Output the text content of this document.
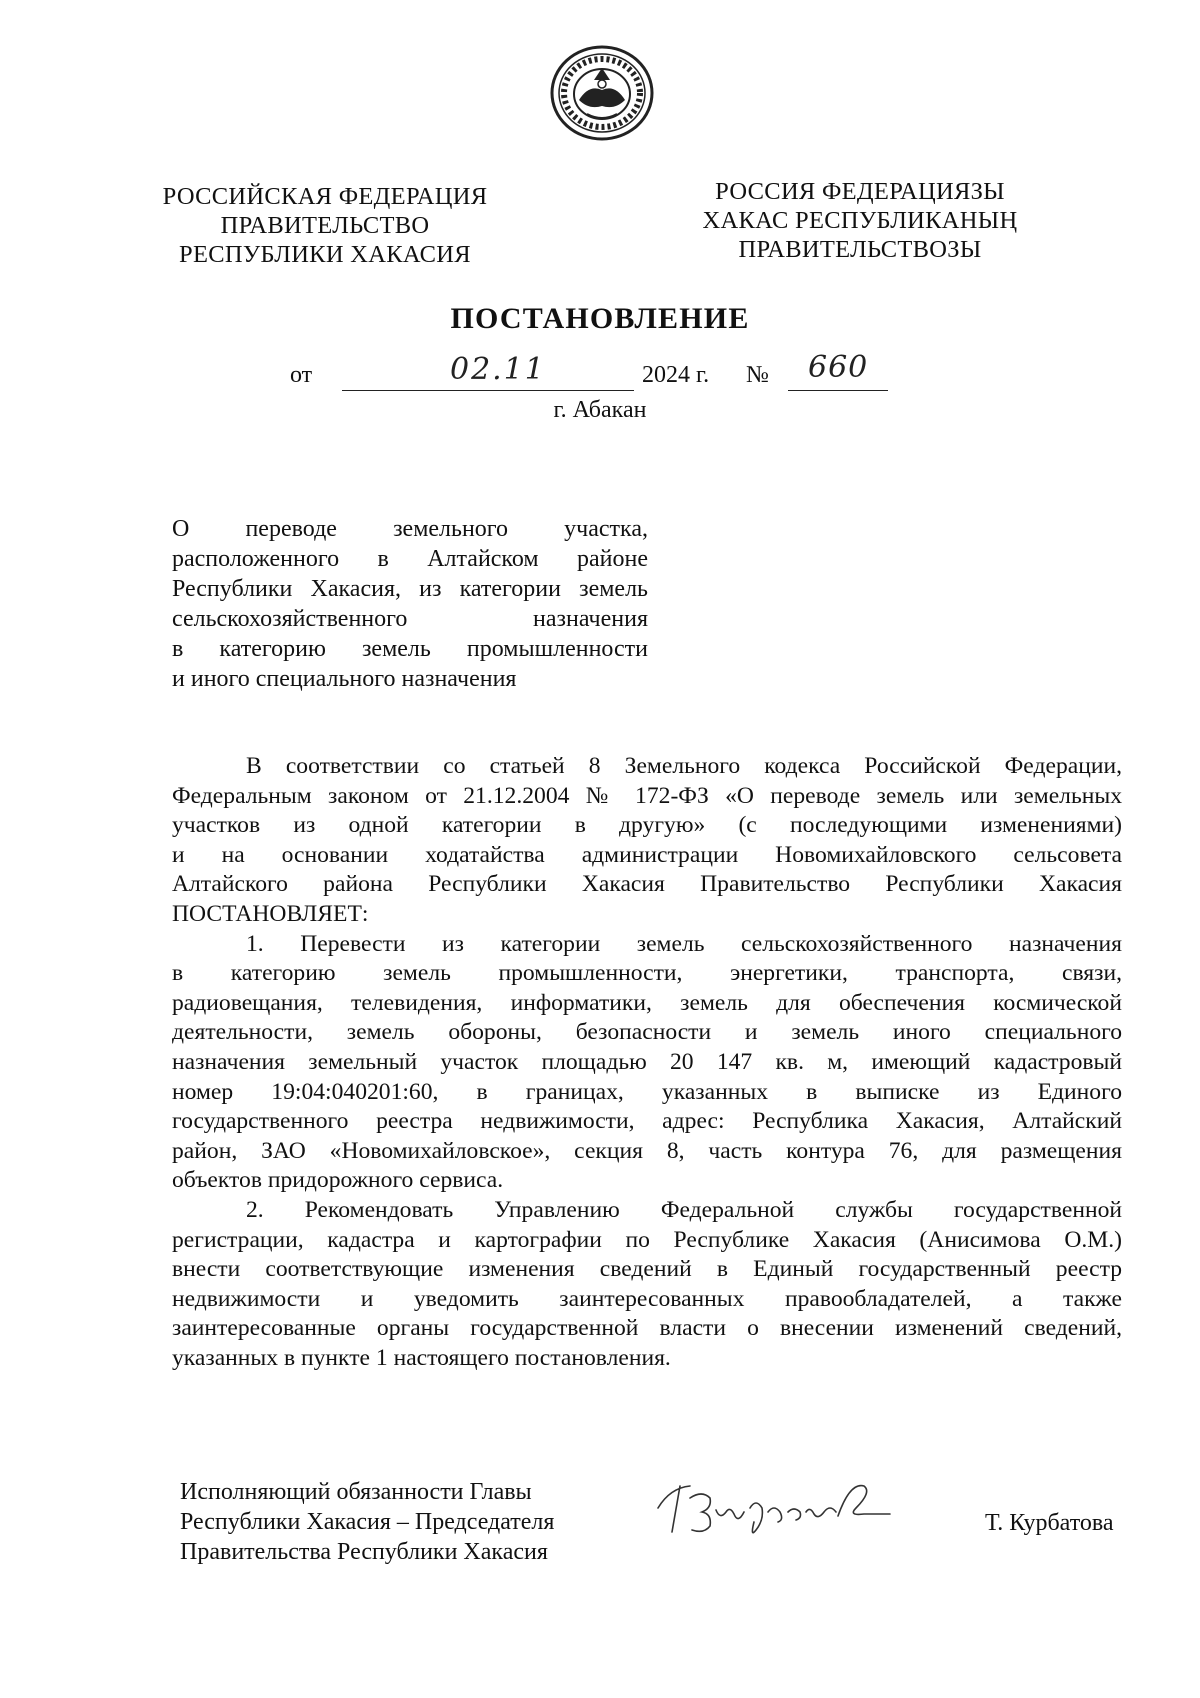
РОССИЙСКАЯ ФЕДЕРАЦИЯ
ПРАВИТЕЛЬСТВО
РЕСПУБЛИКИ ХАКАСИЯ
РОССИЯ ФЕДЕРАЦИЯЗЫ
ХАКАС РЕСПУБЛИКАНЫҢ
ПРАВИТЕЛЬСТВОЗЫ
ПОСТАНОВЛЕНИЕ
от	02.11	2024 г. № 660
г. Абакан
О переводе земельного участка,
расположенного в Алтайском районе
Республики Хакасия, из категории земель
сельскохозяйственного назначения
в категорию земель промышленности
и иного специального назначения
В соответствии со статьей 8 Земельного кодекса Российской Федерации,
Федеральным законом от 21.12.2004 № 172-ФЗ «О переводе земель или земельных
участков из одной категории в другую» (с последующими изменениями)
и на основании ходатайства администрации Новомихайловского сельсовета
Алтайского района Республики Хакасия Правительство Республики Хакасия
ПОСТАНОВЛЯЕТ:
1. Перевести из категории земель сельскохозяйственного назначения
в категорию земель промышленности, энергетики, транспорта, связи,
радиовещания, телевидения, информатики, земель для обеспечения космической
деятельности, земель обороны, безопасности и земель иного специального
назначения земельный участок площадью 20 147 кв. м, имеющий кадастровый
номер 19:04:040201:60, в границах, указанных в выписке из Единого
государственного реестра недвижимости, адрес: Республика Хакасия, Алтайский
район, ЗАО «Новомихайловское», секция 8, часть контура 76, для размещения
объектов придорожного сервиса.
2. Рекомендовать Управлению Федеральной службы государственной
регистрации, кадастра и картографии по Республике Хакасия (Анисимова О.М.)
внести соответствующие изменения сведений в Единый государственный реестр
недвижимости и уведомить заинтересованных правообладателей, а также
заинтересованные органы государственной власти о внесении изменений сведений,
указанных в пункте 1 настоящего постановления.
Исполняющий обязанности Главы
Республики Хакасия – Председателя
Правительства Республики Хакасия
Т. Курбатова
